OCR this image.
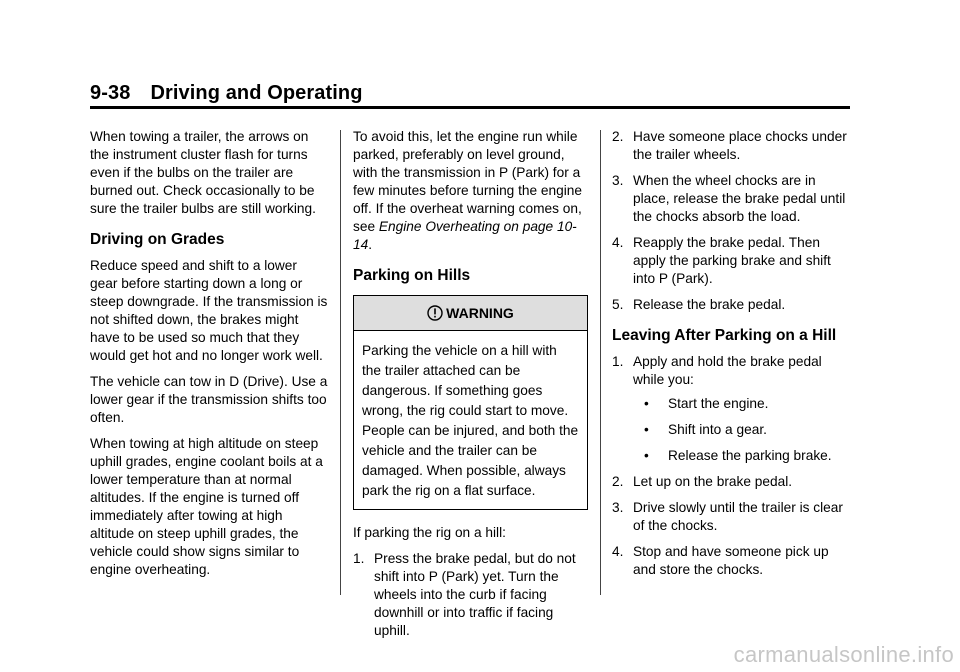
9-38 Driving and Operating

When towing a trailer, the arrows on the instrument cluster flash for turns even if the bulbs on the trailer are burned out. Check occasionally to be sure the trailer bulbs are still working.

Driving on Grades

Reduce speed and shift to a lower gear before starting down a long or steep downgrade. If the transmission is not shifted down, the brakes might have to be used so much that they would get hot and no longer work well.

The vehicle can tow in D (Drive). Use a lower gear if the transmission shifts too often.

When towing at high altitude on steep uphill grades, engine coolant boils at a lower temperature than at normal altitudes. If the engine is turned off immediately after towing at high altitude on steep uphill grades, the vehicle could show signs similar to engine overheating.

To avoid this, let the engine run while parked, preferably on level ground, with the transmission in P (Park) for a few minutes before turning the engine off. If the overheat warning comes on, see Engine Overheating on page 10-14.

Parking on Hills
WARNING
Parking the vehicle on a hill with the trailer attached can be dangerous. If something goes wrong, the rig could start to move. People can be injured, and both the vehicle and the trailer can be damaged. When possible, always park the rig on a flat surface.

If parking the rig on a hill:

1. Press the brake pedal, but do not shift into P (Park) yet. Turn the wheels into the curb if facing downhill or into traffic if facing uphill.
2. Have someone place chocks under the trailer wheels.
3. When the wheel chocks are in place, release the brake pedal until the chocks absorb the load.
4. Reapply the brake pedal. Then apply the parking brake and shift into P (Park).
5. Release the brake pedal.
Leaving After Parking on a Hill
1. Apply and hold the brake pedal while you:
• Start the engine.
• Shift into a gear.
• Release the parking brake.
2. Let up on the brake pedal.
3. Drive slowly until the trailer is clear of the chocks.
4. Stop and have someone pick up and store the chocks.
carmanualsonline.info
